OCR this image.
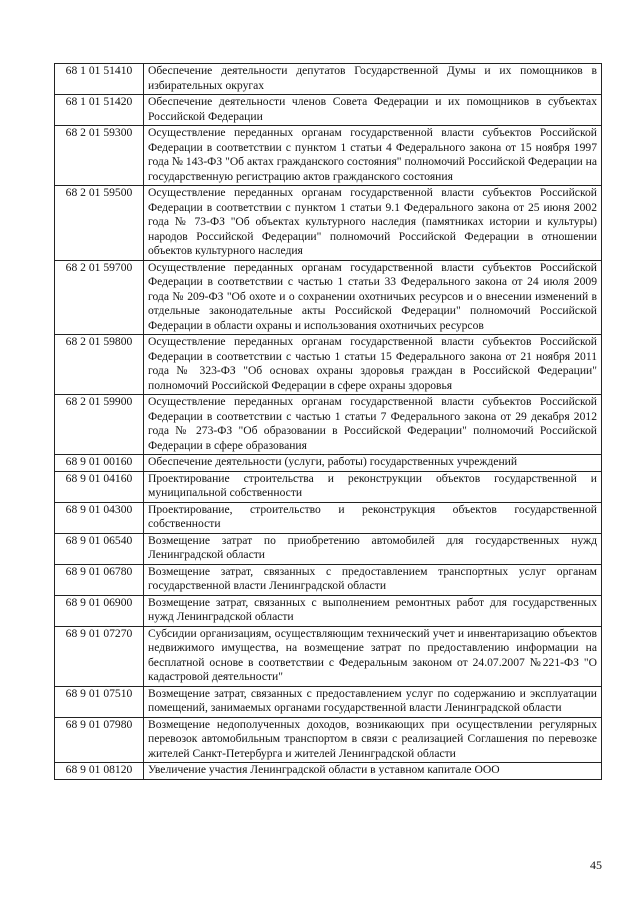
68 1 01 51410	Обеспечение деятельности депутатов Государственной Думы и их помощников в избирательных округах
68 1 01 51420	Обеспечение деятельности членов Совета Федерации и их помощников в субъектах Российской Федерации
68 2 01 59300	Осуществление переданных органам государственной власти субъектов Российской Федерации в соответствии с пунктом 1 статьи 4 Федерального закона от 15 ноября 1997 года № 143-ФЗ "Об актах гражданского состояния" полномочий Российской Федерации на государственную регистрацию актов гражданского состояния
68 2 01 59500	Осуществление переданных органам государственной власти субъектов Российской Федерации в соответствии с пунктом 1 статьи 9.1 Федерального закона от 25 июня 2002 года № 73-ФЗ "Об объектах культурного наследия (памятниках истории и культуры) народов Российской Федерации" полномочий Российской Федерации в отношении объектов культурного наследия
68 2 01 59700	Осуществление переданных органам государственной власти субъектов Российской Федерации в соответствии с частью 1 статьи 33 Федерального закона от 24 июля 2009 года № 209-ФЗ "Об охоте и о сохранении охотничьих ресурсов и о внесении изменений в отдельные законодательные акты Российской Федерации" полномочий Российской Федерации в области охраны и использования охотничьих ресурсов
68 2 01 59800	Осуществление переданных органам государственной власти субъектов Российской Федерации в соответствии с частью 1 статьи 15 Федерального закона от 21 ноября 2011 года № 323-ФЗ "Об основах охраны здоровья граждан в Российской Федерации" полномочий Российской Федерации в сфере охраны здоровья
68 2 01 59900	Осуществление переданных органам государственной власти субъектов Российской Федерации в соответствии с частью 1 статьи 7 Федерального закона от 29 декабря 2012 года № 273-ФЗ "Об образовании в Российской Федерации" полномочий Российской Федерации в сфере образования
68 9 01 00160	Обеспечение деятельности (услуги, работы) государственных учреждений
68 9 01 04160	Проектирование строительства и реконструкции объектов государственной и муниципальной собственности
68 9 01 04300	Проектирование, строительство и реконструкция объектов государственной собственности
68 9 01 06540	Возмещение затрат по приобретению автомобилей для государственных нужд Ленинградской области
68 9 01 06780	Возмещение затрат, связанных с предоставлением транспортных услуг органам государственной власти Ленинградской области
68 9 01 06900	Возмещение затрат, связанных с выполнением ремонтных работ для государственных нужд Ленинградской области
68 9 01 07270	Субсидии организациям, осуществляющим технический учет и инвентаризацию объектов недвижимого имущества, на возмещение затрат по предоставлению информации на бесплатной основе в соответствии с Федеральным законом от 24.07.2007 №221-ФЗ "О кадастровой деятельности"
68 9 01 07510	Возмещение затрат, связанных с предоставлением услуг по содержанию и эксплуатации помещений, занимаемых органами государственной власти Ленинградской области
68 9 01 07980	Возмещение недополученных доходов, возникающих при осуществлении регулярных перевозок автомобильным транспортом в связи с реализацией Соглашения по перевозке жителей Санкт-Петербурга и жителей Ленинградской области
68 9 01 08120	Увеличение участия Ленинградской области в уставном капитале ООО
45
